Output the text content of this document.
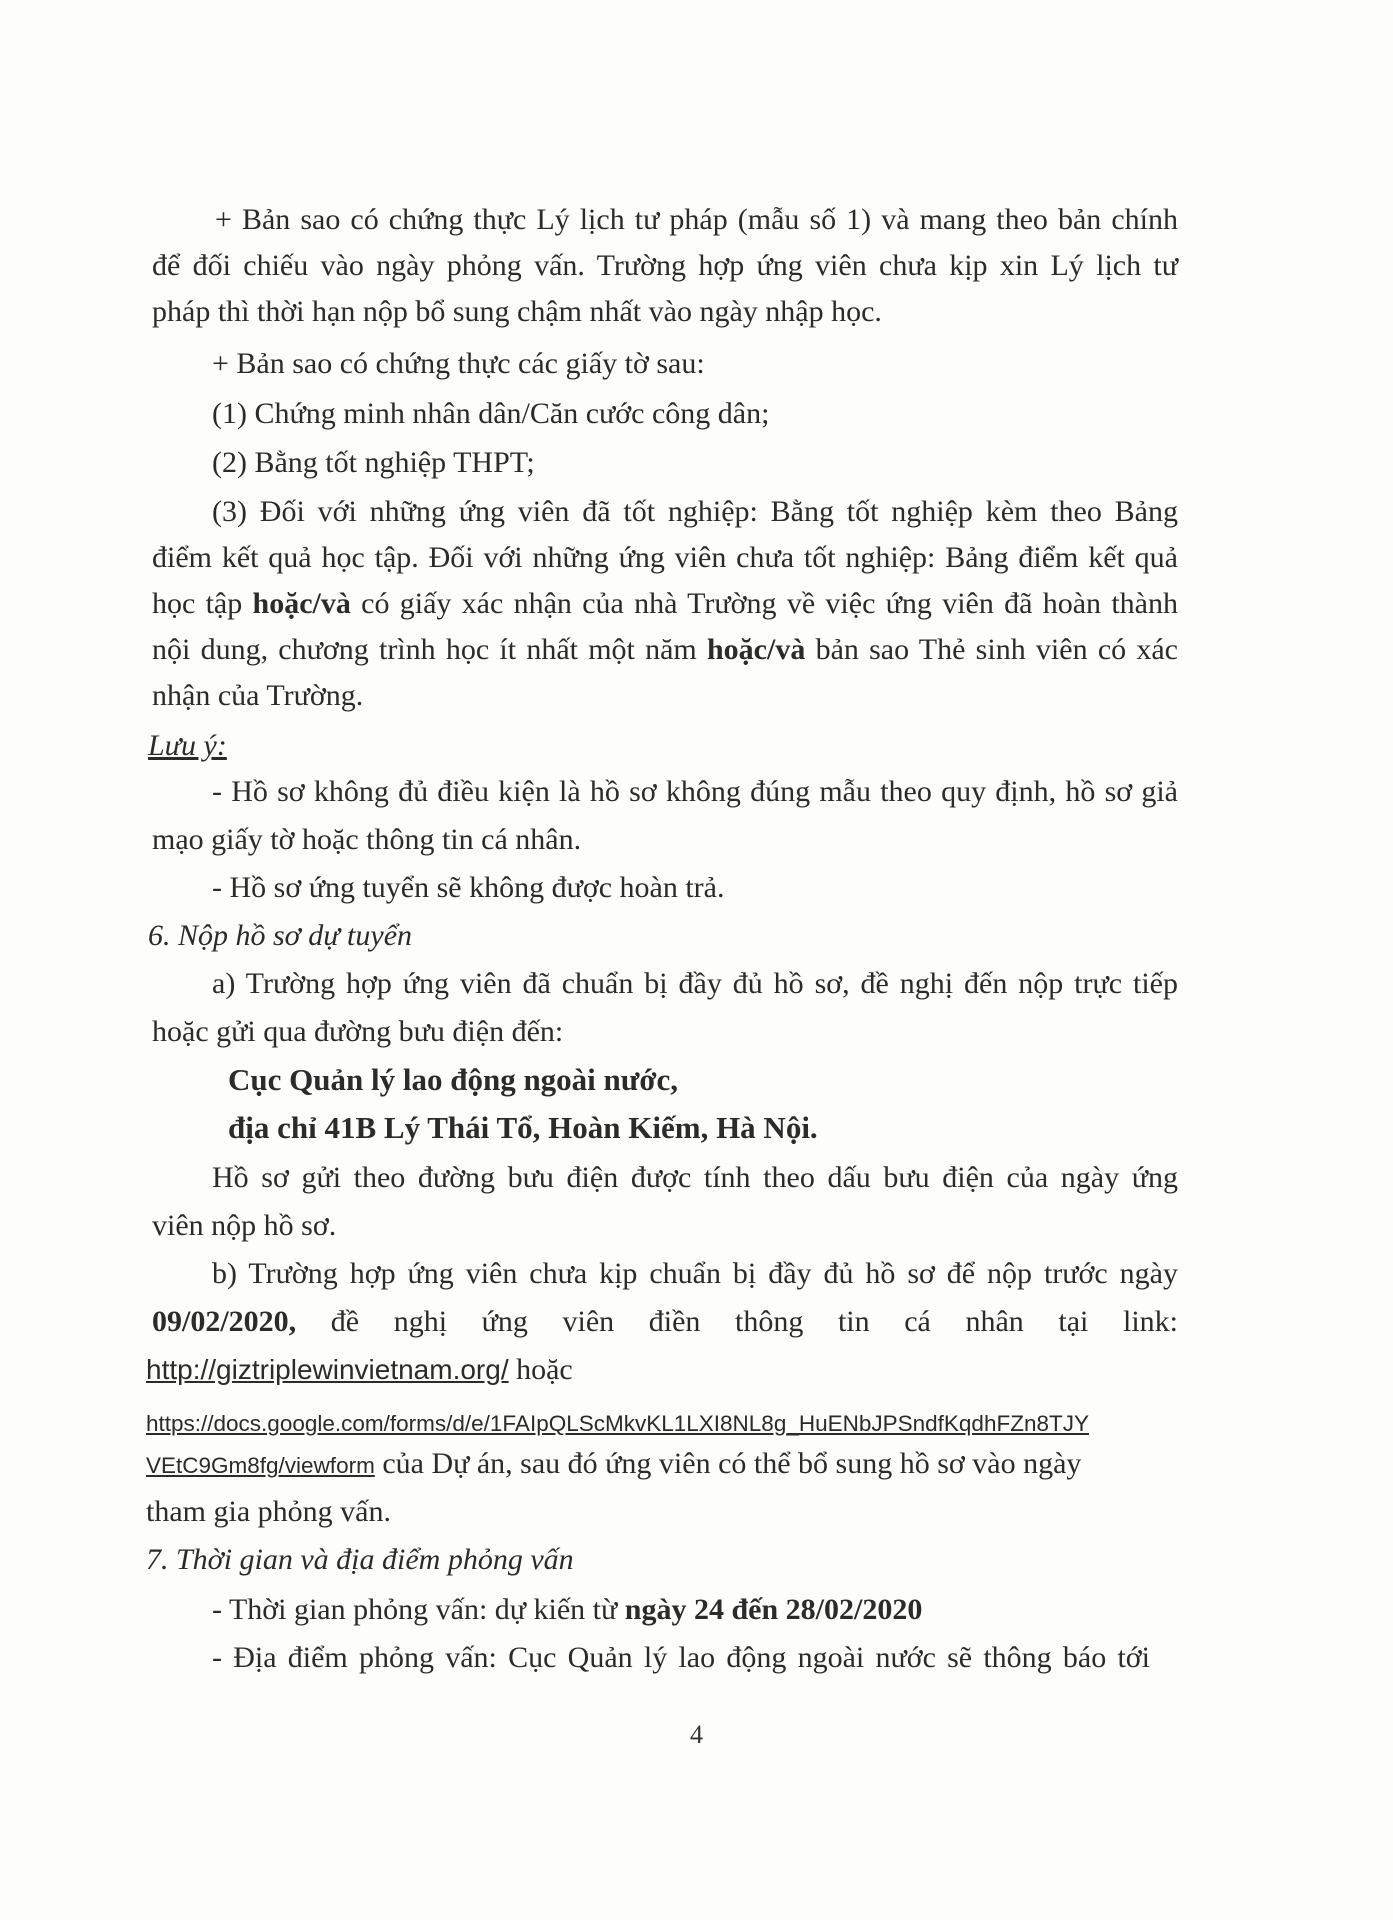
+ Bản sao có chứng thực Lý lịch tư pháp (mẫu số 1) và mang theo bản chính
để đối chiếu vào ngày phỏng vấn. Trường hợp ứng viên chưa kịp xin Lý lịch tư
pháp thì thời hạn nộp bổ sung chậm nhất vào ngày nhập học.
+ Bản sao có chứng thực các giấy tờ sau:
(1) Chứng minh nhân dân/Căn cước công dân;
(2) Bằng tốt nghiệp THPT;
(3) Đối với những ứng viên đã tốt nghiệp: Bằng tốt nghiệp kèm theo Bảng
điểm kết quả học tập. Đối với những ứng viên chưa tốt nghiệp: Bảng điểm kết quả
học tập hoặc/và có giấy xác nhận của nhà Trường về việc ứng viên đã hoàn thành
nội dung, chương trình học ít nhất một năm hoặc/và bản sao Thẻ sinh viên có xác
nhận của Trường.
Lưu ý:
- Hồ sơ không đủ điều kiện là hồ sơ không đúng mẫu theo quy định, hồ sơ giả
mạo giấy tờ hoặc thông tin cá nhân.
- Hồ sơ ứng tuyển sẽ không được hoàn trả.
6. Nộp hồ sơ dự tuyển
a) Trường hợp ứng viên đã chuẩn bị đầy đủ hồ sơ, đề nghị đến nộp trực tiếp
hoặc gửi qua đường bưu điện đến:
Cục Quản lý lao động ngoài nước,
địa chỉ 41B Lý Thái Tổ, Hoàn Kiếm, Hà Nội.
Hồ sơ gửi theo đường bưu điện được tính theo dấu bưu điện của ngày ứng
viên nộp hồ sơ.
b) Trường hợp ứng viên chưa kịp chuẩn bị đầy đủ hồ sơ để nộp trước ngày
09/02/2020, đề nghị ứng viên điền thông tin cá nhân tại link:
http://giztriplewinvietnam.org/ hoặc
https://docs.google.com/forms/d/e/1FAIpQLScMkvKL1LXI8NL8g_HuENbJPSndfKqdhFZn8TJY
VEtC9Gm8fg/viewform của Dự án, sau đó ứng viên có thể bổ sung hồ sơ vào ngày
tham gia phỏng vấn.
7. Thời gian và địa điểm phỏng vấn
- Thời gian phỏng vấn: dự kiến từ ngày 24 đến 28/02/2020
- Địa điểm phỏng vấn: Cục Quản lý lao động ngoài nước sẽ thông báo tới
4
